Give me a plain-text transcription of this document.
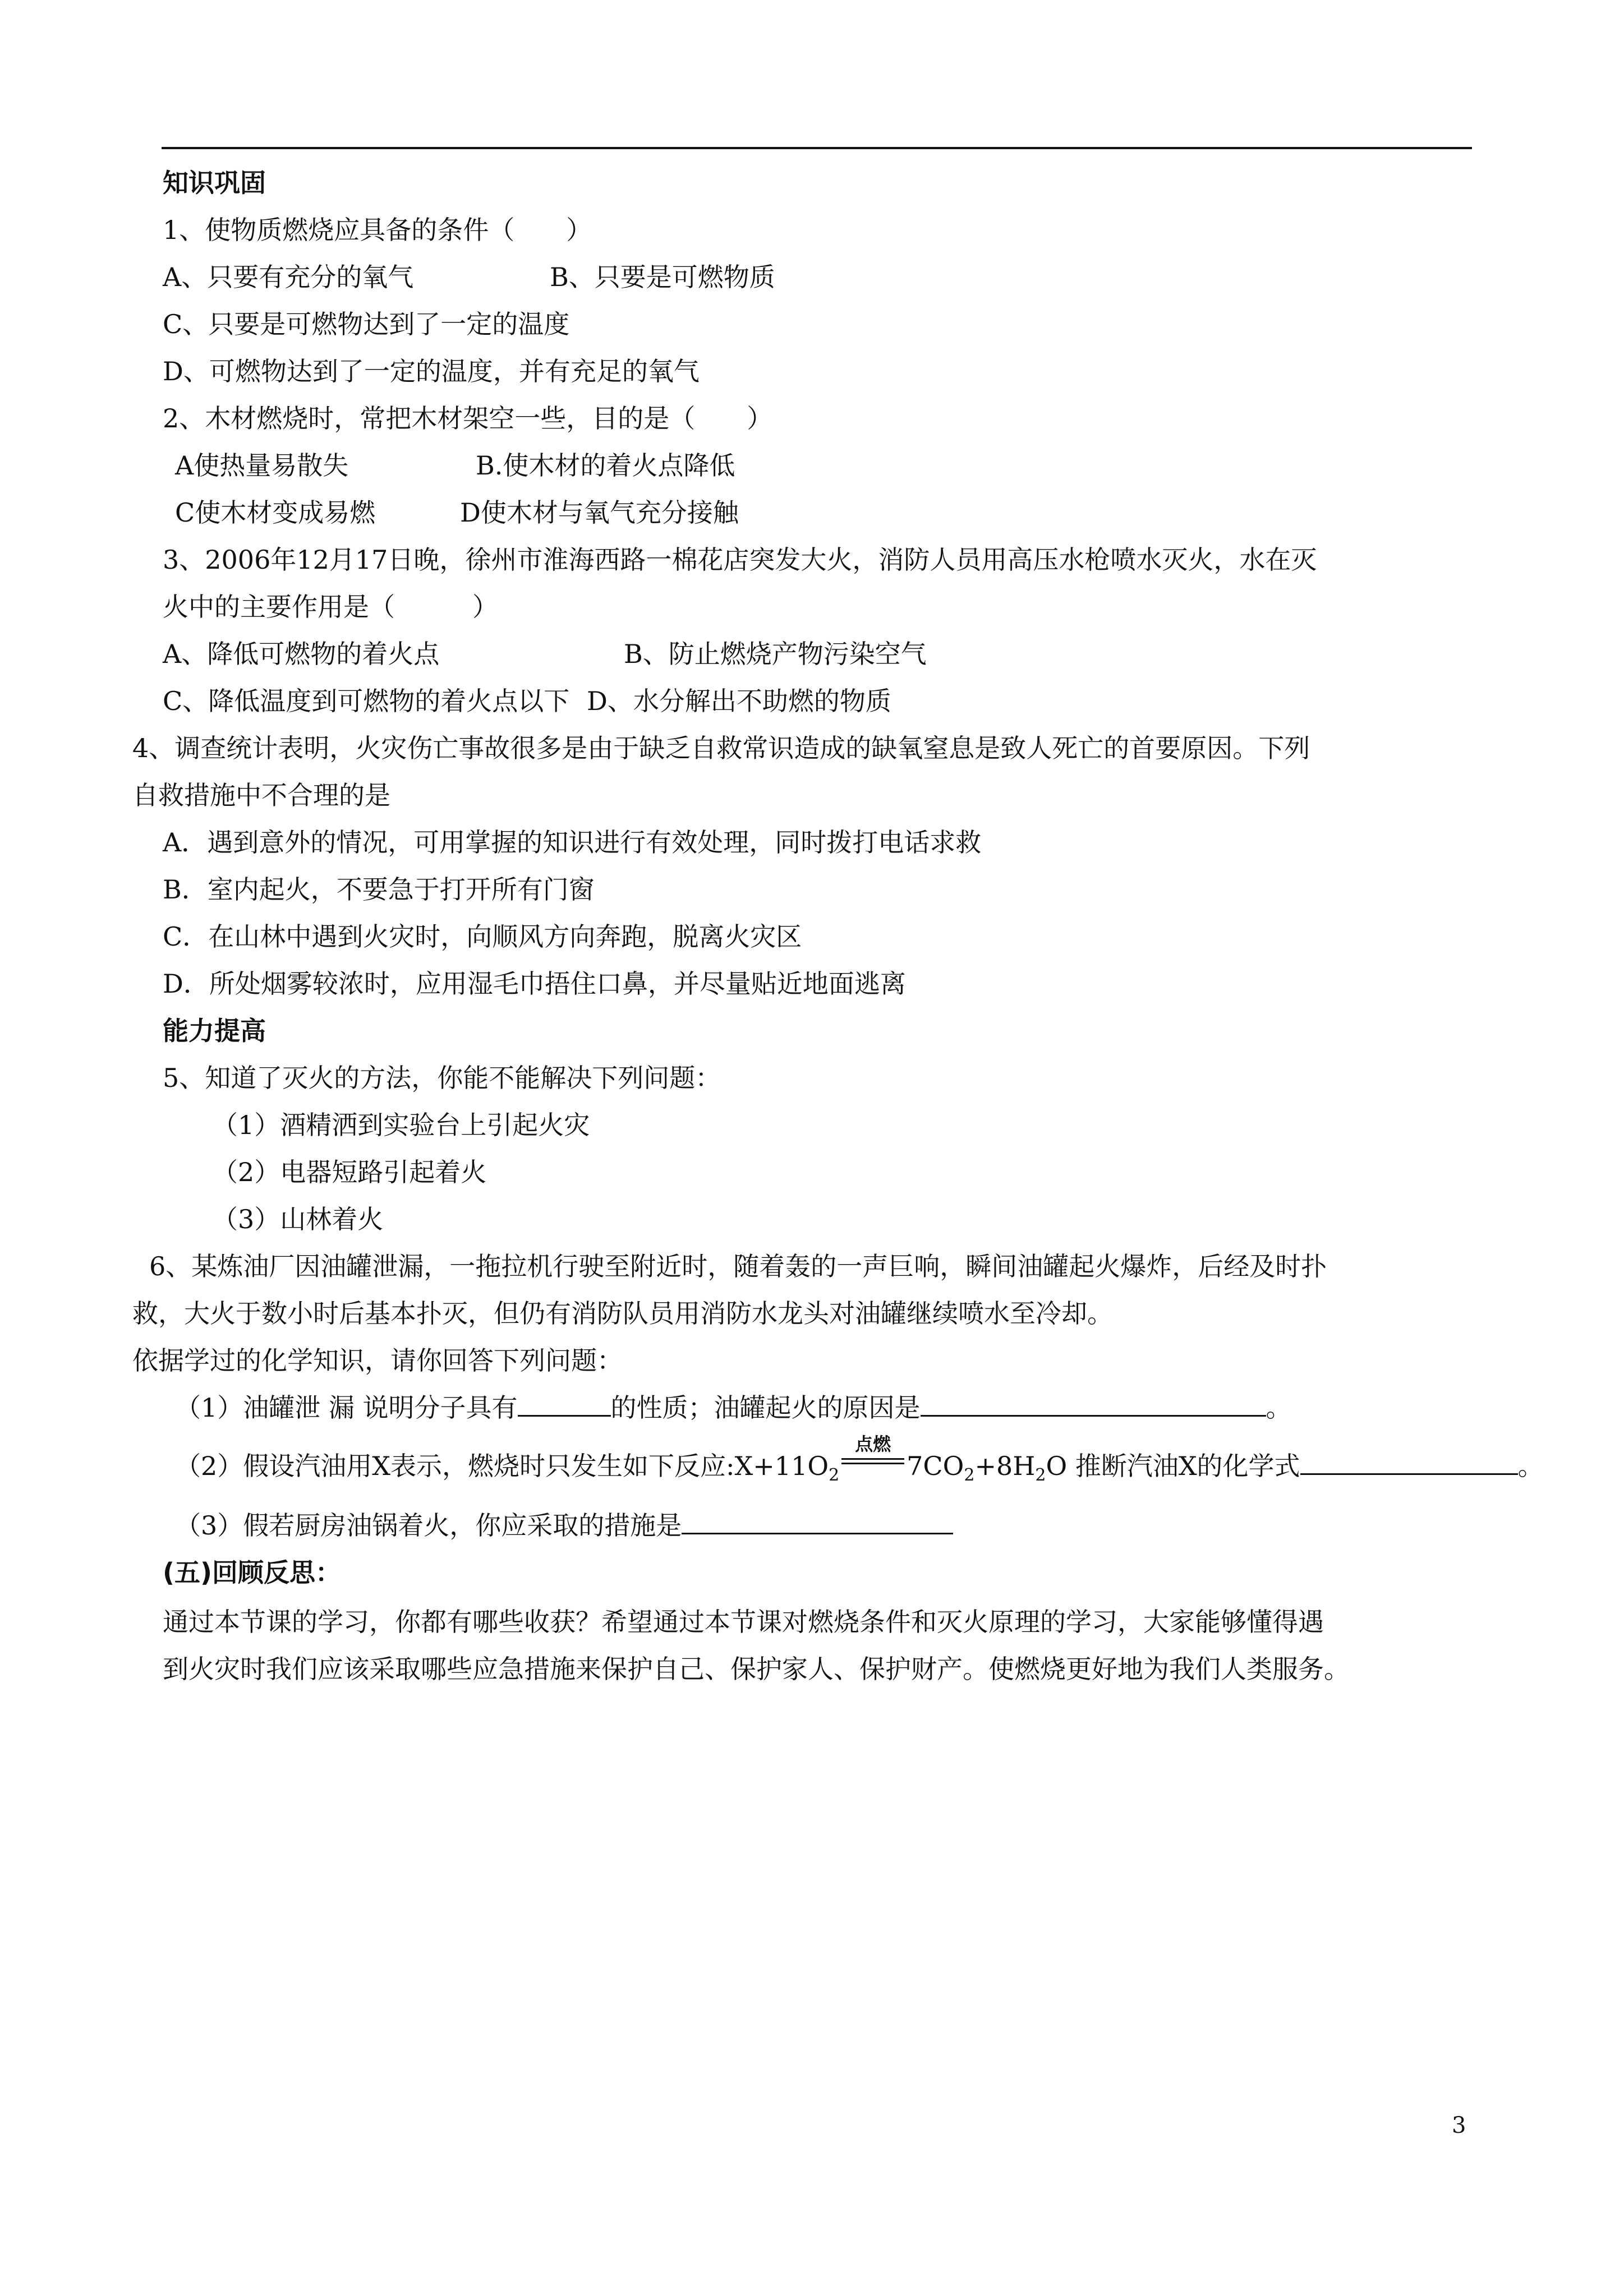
知识巩固
1、使物质燃烧应具备的条件（　　）
A、只要有充分的氧气	B、只要是可燃物质
C、只要是可燃物达到了一定的温度
D、可燃物达到了一定的温度，并有充足的氧气
2、木材燃烧时，常把木材架空一些，目的是（　　）
A使热量易散失	B.使木材的着火点降低
C使木材变成易燃	D使木材与氧气充分接触
3、2006年12月17日晚，徐州市淮海西路一棉花店突发大火，消防人员用高压水枪喷水灭火，水在灭
火中的主要作用是（　　　）
A、降低可燃物的着火点	B、防止燃烧产物污染空气
C、降低温度到可燃物的着火点以下 D、水分解出不助燃的物质
4、调查统计表明，火灾伤亡事故很多是由于缺乏自救常识造成的缺氧窒息是致人死亡的首要原因。下列
自救措施中不合理的是
A．遇到意外的情况，可用掌握的知识进行有效处理，同时拨打电话求救
B．室内起火，不要急于打开所有门窗
C．在山林中遇到火灾时，向顺风方向奔跑，脱离火灾区
D．所处烟雾较浓时，应用湿毛巾捂住口鼻，并尽量贴近地面逃离
能力提高
5、知道了灭火的方法，你能不能解决下列问题：
（1）酒精洒到实验台上引起火灾
（2）电器短路引起着火
（3）山林着火
6、某炼油厂因油罐泄漏，一拖拉机行驶至附近时，随着轰的一声巨响，瞬间油罐起火爆炸，后经及时扑
救，大火于数小时后基本扑灭，但仍有消防队员用消防水龙头对油罐继续喷水至冷却。
依据学过的化学知识，请你回答下列问题：
（1）油罐泄 漏 说明分子具有	的性质；油罐起火的原因是	。
（2）假设汽油用X表示，燃烧时只发生如下反应$:X+11O_2$
点燃
$7CO_2+8H_2O$ 推断汽油X的化学式	。
（3）假若厨房油锅着火，你应采取的措施是
(五)回顾反思：
通过本节课的学习，你都有哪些收获？希望通过本节课对燃烧条件和灭火原理的学习，大家能够懂得遇
到火灾时我们应该采取哪些应急措施来保护自己、保护家人、保护财产。使燃烧更好地为我们人类服务。
3
